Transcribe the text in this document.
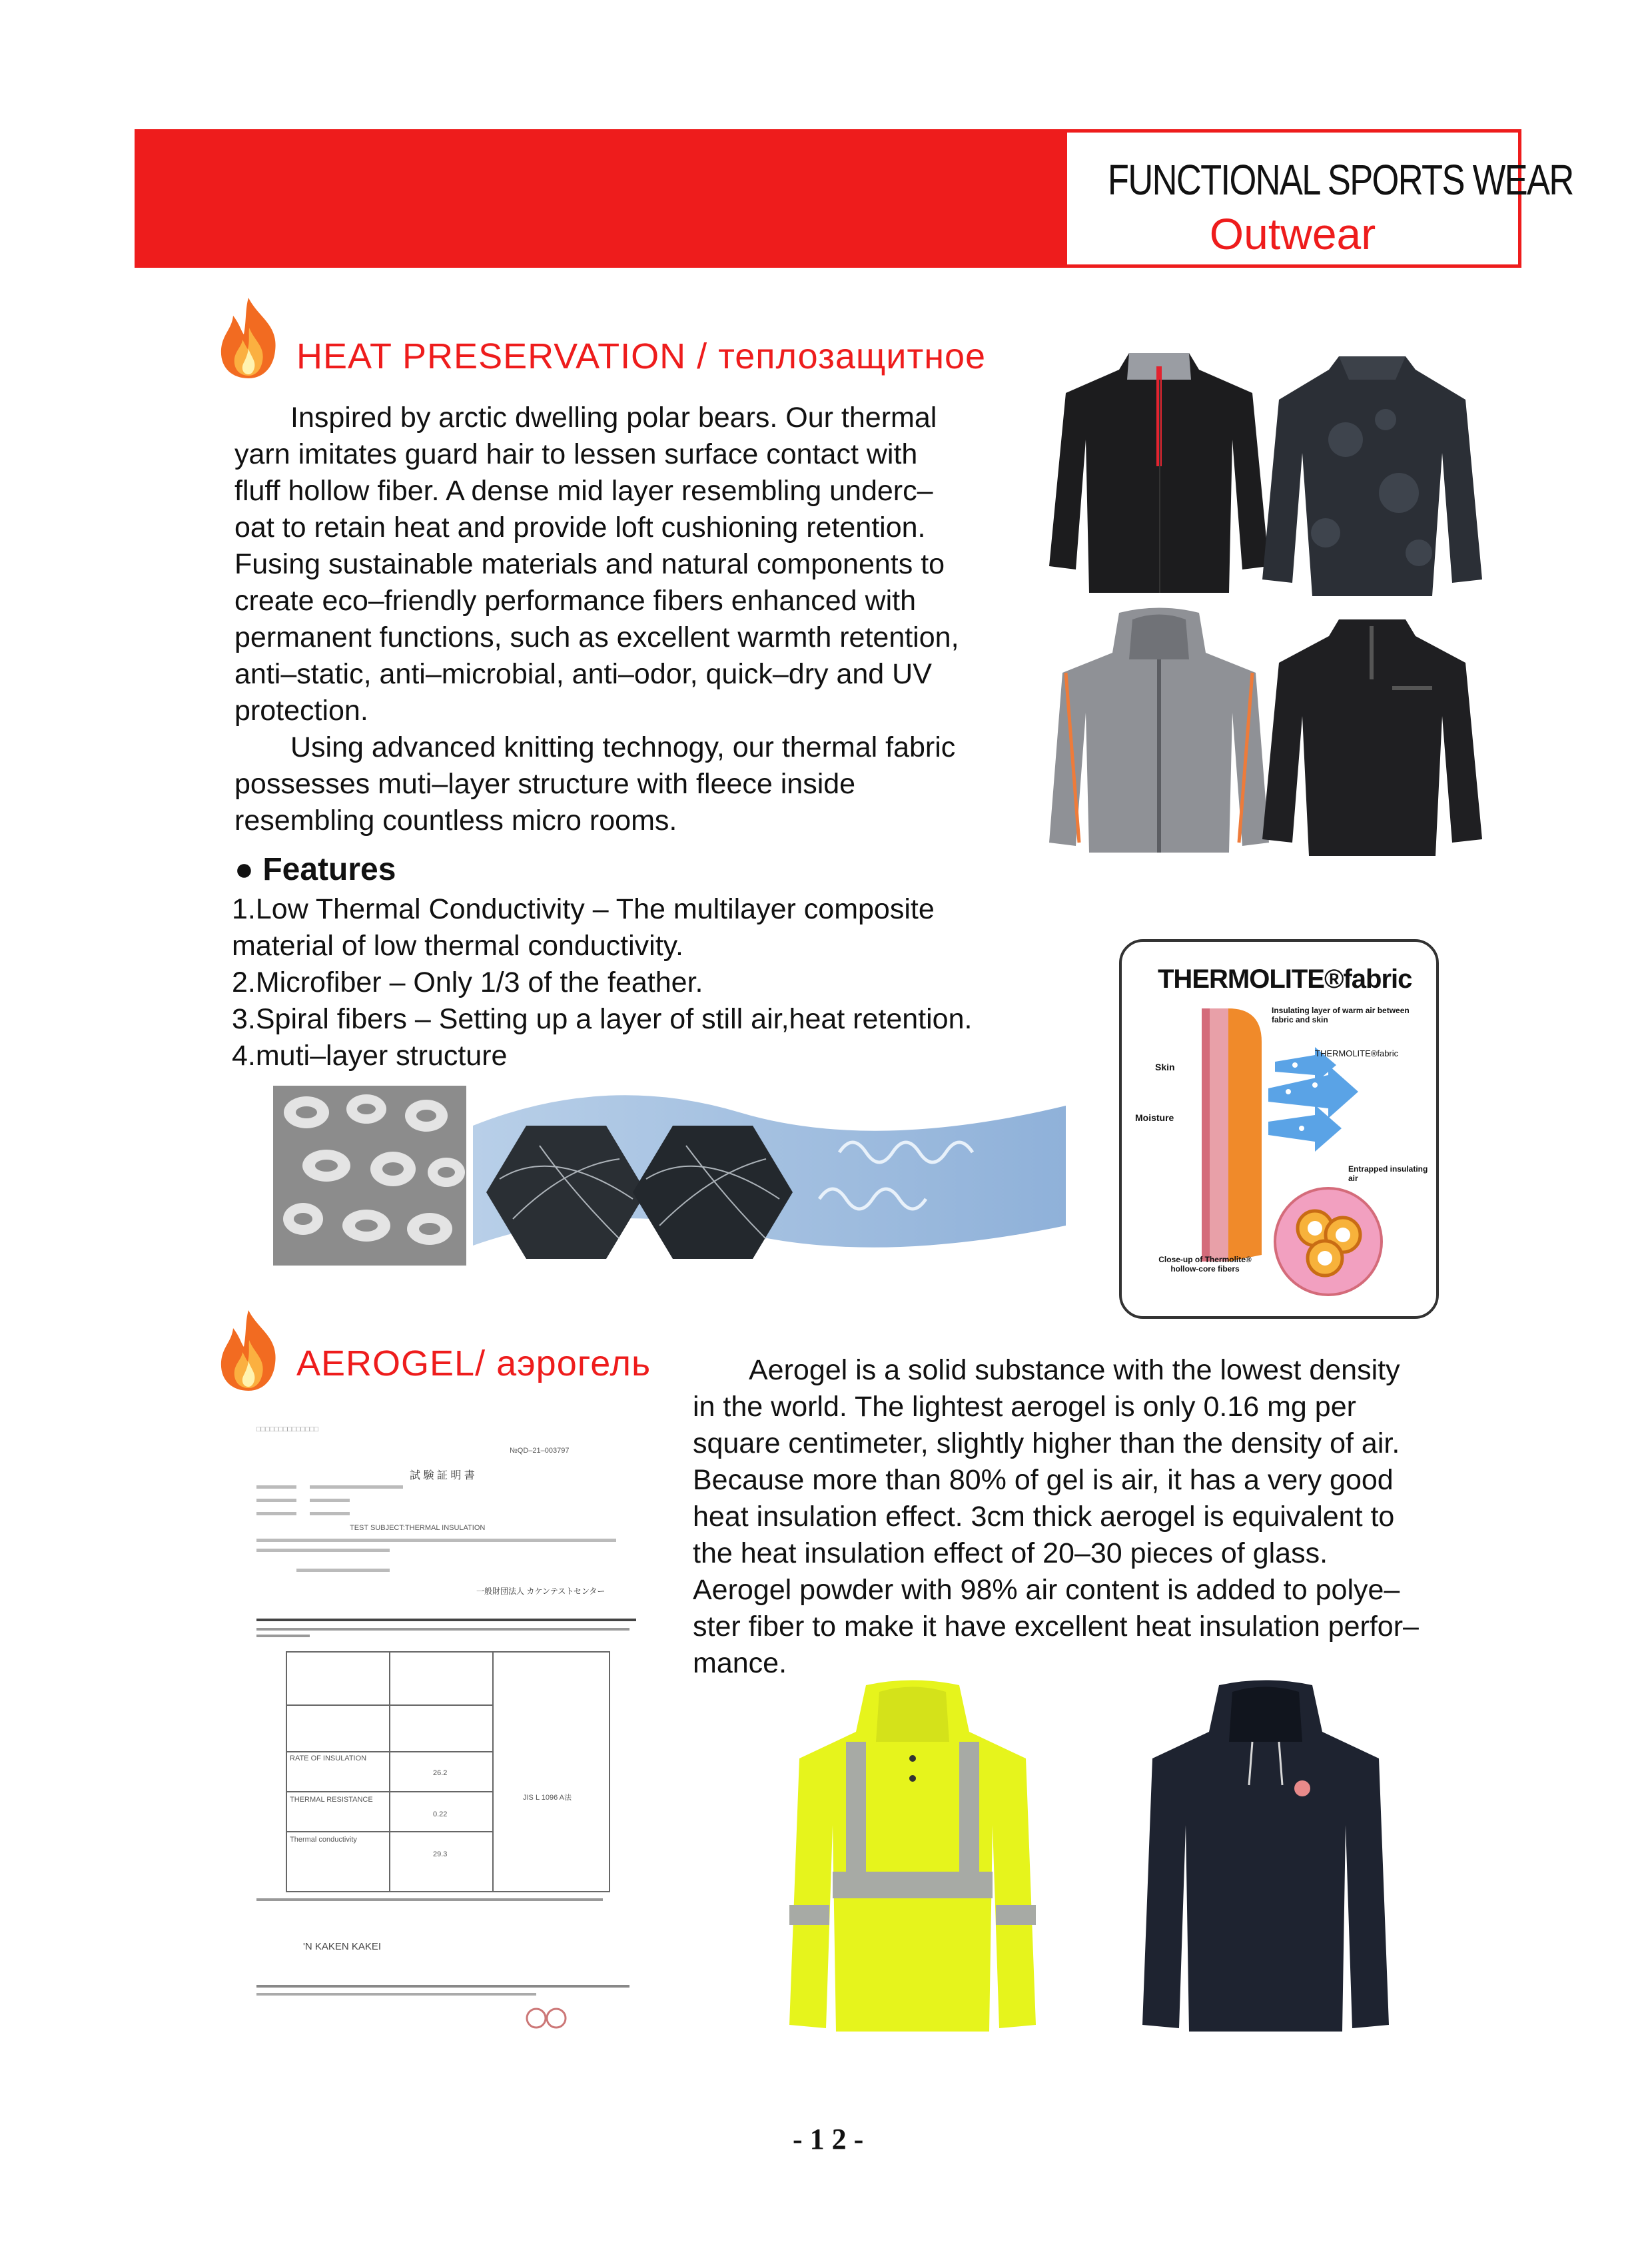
FUNCTIONAL SPORTS WEAR
Outwear
HEAT PRESERVATION / теплозащитное
Inspired by arctic dwelling polar bears. Our thermal
yarn imitates guard hair to lessen surface contact with
fluff hollow fiber. A dense mid layer resembling underc–
oat to retain heat and provide loft cushioning retention.
Fusing sustainable materials and natural components to
create eco–friendly performance fibers enhanced with
permanent functions, such as excellent warmth retention,
anti–static, anti–microbial, anti–odor, quick–dry and UV
protection.
Using advanced knitting technogy, our thermal fabric
possesses muti–layer structure with fleece inside
resembling countless micro rooms.
● Features
1.Low Thermal Conductivity – The multilayer composite
material of low thermal conductivity.
2.Microfiber – Only 1/3 of the feather.
3.Spiral fibers – Setting up a layer of still air,heat retention.
4.muti–layer structure
THERMOLITE®fabric
Insulating layer of warm air between fabric and skin
THERMOLITE®fabric
Skin
Moisture
Entrapped insulating air
Close-up of Thermolite® hollow-core fibers
AEROGEL/ аэрогель	Aerogel is a solid substance with the lowest density
in the world. The lightest aerogel is only 0.16 mg per
square centimeter, slightly higher than the density of air.
Because more than 80% of gel is air, it has a very good
heat insulation effect. 3cm thick aerogel is equivalent to
the heat insulation effect of 20–30 pieces of glass.
Aerogel powder with 98% air content is added to polye–
ster fiber to make it have excellent heat insulation perfor–
mance.
□□□□□□□□□□□□□□
№QD–21–003797
試 験 証 明 書
TEST SUBJECT:THERMAL INSULATION
一般財団法人 カケンテストセンター
RATE OF INSULATION
26.2
THERMAL RESISTANCE
0.22
Thermal conductivity
29.3
JIS L 1096 A法
'N KAKEN KAKEI
- 1 2 -
